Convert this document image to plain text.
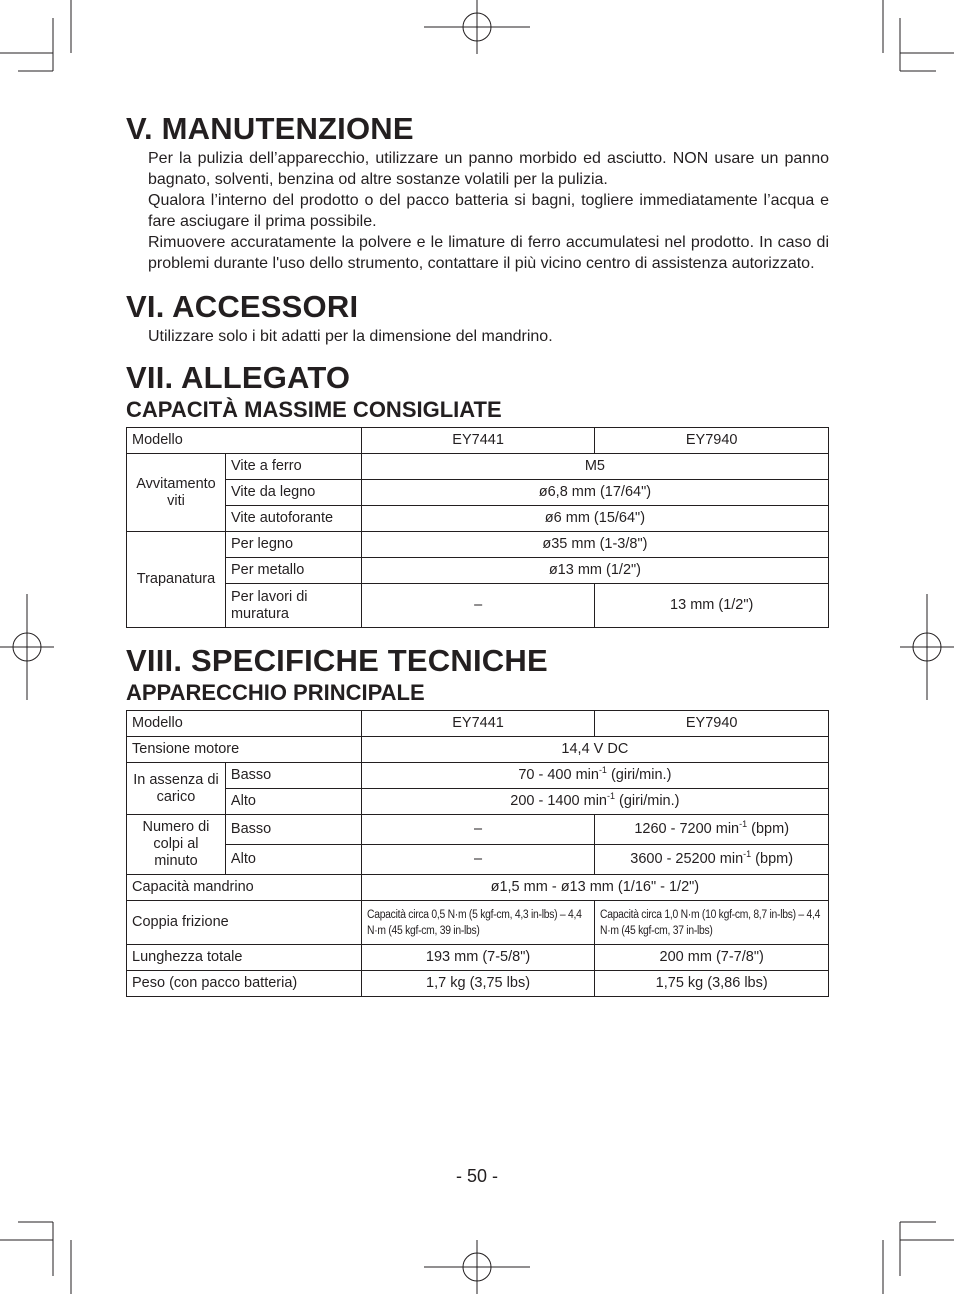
V. MANUTENZIONE

Per la pulizia dell’apparecchio, utilizzare un panno morbido ed asciutto. NON usare un panno bagnato, solventi, benzina od altre sostanze volatili per la pulizia.

Qualora l’interno del prodotto o del pacco batteria si bagni, togliere immediatamente l’acqua e fare asciugare il prima possibile.

Rimuovere accuratamente la polvere e le limature di ferro accumulatesi nel prodotto. In caso di problemi durante l'uso dello strumento, contattare il più vicino centro di assistenza autorizzato.

VI. ACCESSORI

Utilizzare solo i bit adatti per la dimensione del mandrino.

VII. ALLEGATO
CAPACITÀ MASSIME CONSIGLIATE
Modello		EY7441	EY7940
Avvitamento viti	Vite a ferro	M5	
	Vite da legno	ø6,8 mm (17/64")	
	Vite autoforante	ø6 mm (15/64")	
Trapanatura	Per legno	ø35 mm (1-3/8")	
	Per metallo	ø13 mm (1/2")	
	Per lavori di muratura	–	13 mm (1/2")
VIII. SPECIFICHE TECNICHE
APPARECCHIO PRINCIPALE
Modello		EY7441	EY7940
Tensione motore		14,4 V DC	
In assenza di carico	Basso	70 - 400 $\min^{-1}$ (giri/min.)	
	Alto	200 - 1400 $\min^{-1}$ (giri/min.)	
Numero di colpi al minuto	Basso	–	1260 - 7200 $\min^{-1} (bpm)$
	Alto	–	3600 - 25200 $\min^{-1} (bpm)$
Capacità mandrino		ø1,5 mm - ø13 mm (1/16" - 1/2")	
Coppia frizione		Capacità circa 0,5 N·m (5 kgf-cm, 4,3 in-lbs) – 4,4 N·m (45 kgf-cm, 39 in-lbs)	Capacità circa 1,0 N·m (10 kgf-cm, 8,7 in-lbs) – 4,4 N·m (45 kgf-cm, 37 in-lbs)
Lunghezza totale		193 mm (7-5/8")	200 mm (7-7/8")
Peso (con pacco batteria)		1,7 kg (3,75 lbs)	1,75 kg (3,86 lbs)
- 50 -
